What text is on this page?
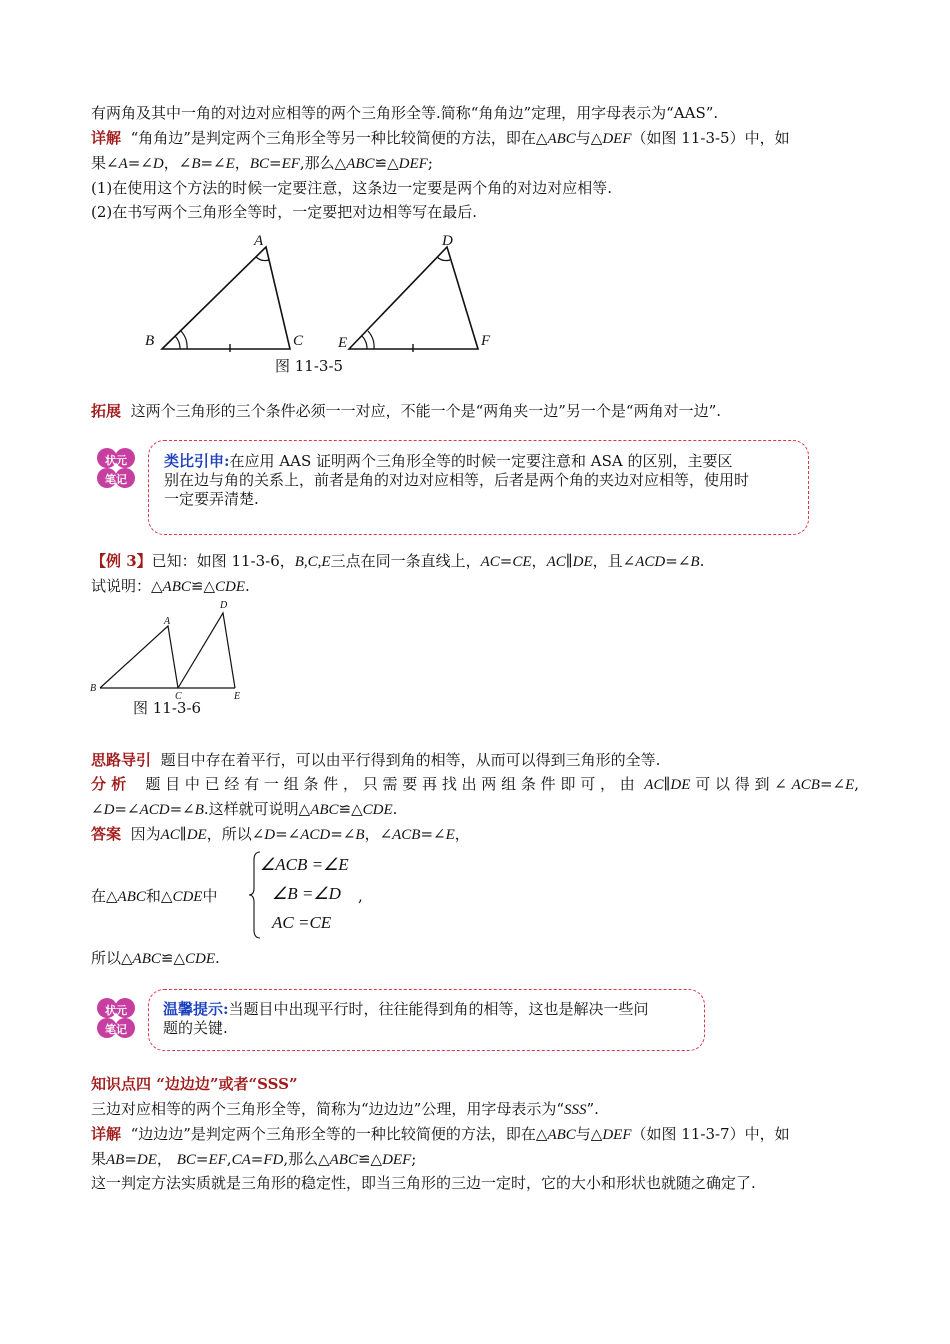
有两角及其中一角的对边对应相等的两个三角形全等.简称“角角边”定理，用字母表示为“AAS”.
详解 “角角边”是判定两个三角形全等另一种比较简便的方法，即在△ABC与△DEF（如图 11-3-5）中，如
果∠A=∠D，∠B=∠E，BC=EF,那么△ABC≌△DEF;
(1)在使用这个方法的时候一定要注意，这条边一定要是两个角的对边对应相等.
(2)在书写两个三角形全等时，一定要把对边相等写在最后.
A
B	C
D
E	F
图 11-3-5
拓展 这两个三角形的三个条件必须一一对应，不能一个是“两角夹一边”另一个是“两角对一边”.
状元
笔记
类比引申:在应用 AAS 证明两个三角形全等的时候一定要注意和 ASA 的区别，主要区
别在边与角的关系上，前者是角的对边对应相等，后者是两个角的夹边对应相等，使用时
一定要弄清楚.
【例 3】已知：如图 11-3-6，B,C,E三点在同一条直线上，AC=CE，AC∥DE，且∠ACD=∠B.
试说明：△ABC≌△CDE.
A
B
C
D
E
图 11-3-6
思路导引 题目中存在着平行，可以由平行得到角的相等，从而可以得到三角形的全等.
分 析 题 目 中 已 经 有 一 组 条 件 ， 只 需 要 再 找 出 两 组 条 件 即 可 ， 由 AC∥DE 可 以 得 到 ∠ ACB=∠E,
∠D=∠ACD=∠B.这样就可说明△ABC≌△CDE.
答案 因为AC∥DE，所以∠D=∠ACD=∠B，∠ACB=∠E，
在△ABC和△CDE中
∠ACB =∠E
∠B =∠D
AC =CE
,
所以△ABC≌△CDE.
状元
笔记
温馨提示:当题目中出现平行时，往往能得到角的相等，这也是解决一些问
题的关键.
知识点四 “边边边”或者“SSS”
三边对应相等的两个三角形全等，简称为“边边边”公理，用字母表示为“SSS”.
详解 “边边边”是判定两个三角形全等的一种比较简便的方法，即在△ABC与△DEF（如图 11-3-7）中，如
果AB=DE， BC=EF,CA=FD,那么△ABC≌△DEF;
这一判定方法实质就是三角形的稳定性，即当三角形的三边一定时，它的大小和形状也就随之确定了.
